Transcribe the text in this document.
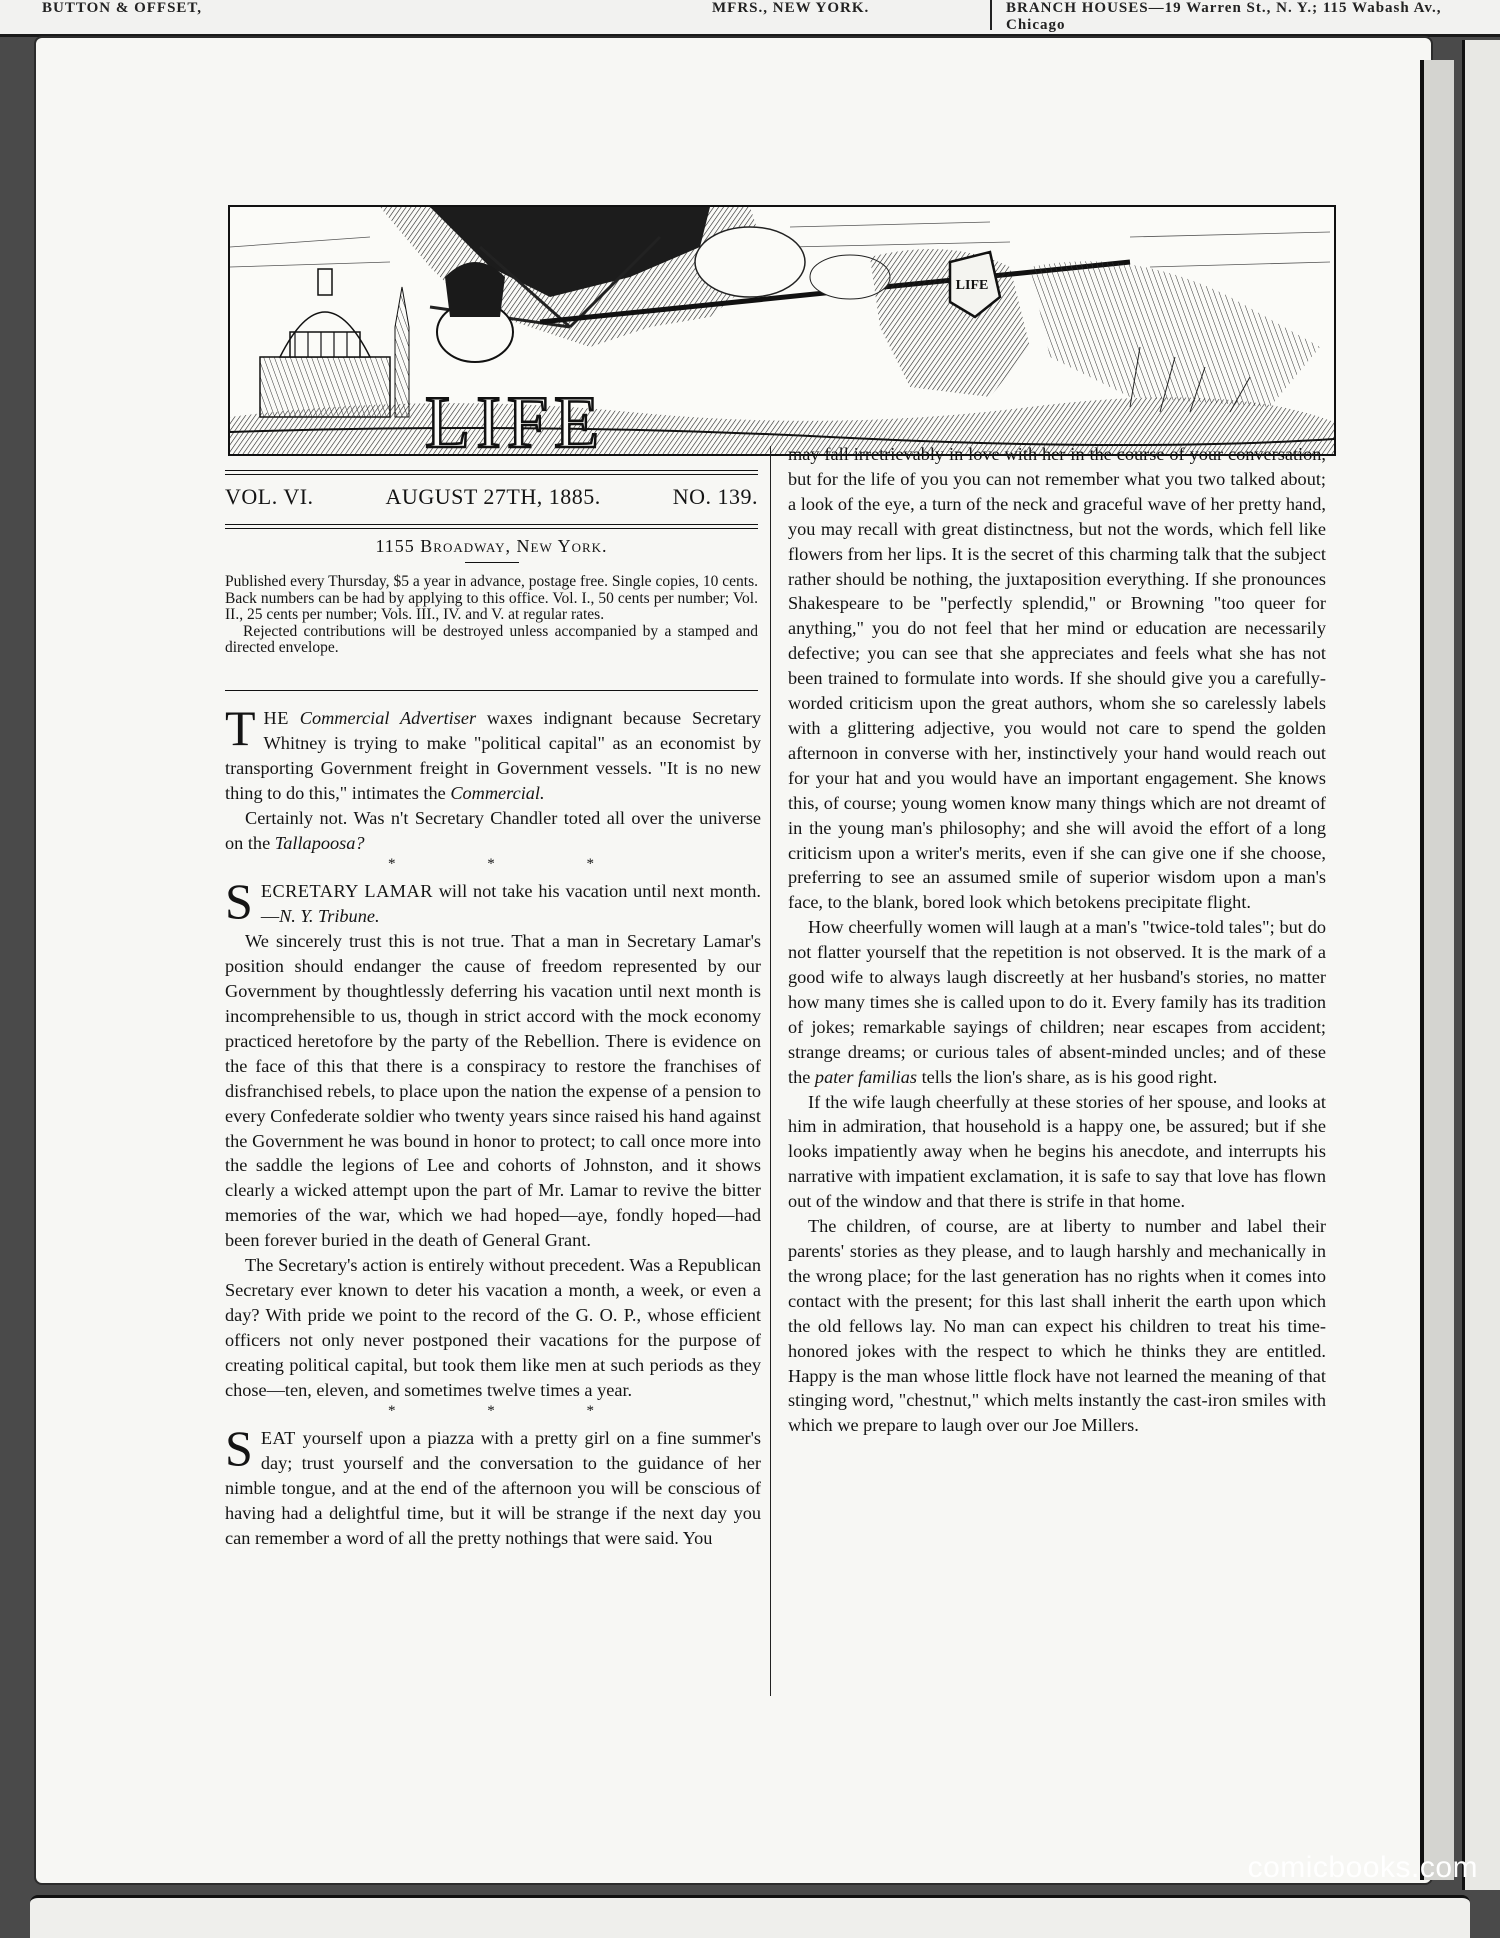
BUTTON & OFFSET,	MFRS., NEW YORK.	BRANCH HOUSES—19 Warren St., N. Y.; 115 Wabash Av., Chicago
LIFE
LIFE
VOL. VI.	AUGUST 27TH, 1885.	NO. 139.
1155 Broadway, New York.

Published every Thursday, $5 a year in advance, postage free. Single copies, 10 cents. Back numbers can be had by applying to this office. Vol. I., 50 cents per number; Vol. II., 25 cents per number; Vols. III., IV. and V. at regular rates.

Rejected contributions will be destroyed unless accompanied by a stamped and directed envelope.

THE Commercial Advertiser waxes indignant because Secretary Whitney is trying to make "political capital" as an economist by transporting Government freight in Government vessels. "It is no new thing to do this," intimates the Commercial.

Certainly not. Was n't Secretary Chandler toted all over the universe on the Tallapoosa?

* * *

SECRETARY LAMAR will not take his vacation until next month.—N. Y. Tribune.

We sincerely trust this is not true. That a man in Secretary Lamar's position should endanger the cause of freedom represented by our Government by thoughtlessly deferring his vacation until next month is incomprehensible to us, though in strict accord with the mock economy practiced heretofore by the party of the Rebellion. There is evidence on the face of this that there is a conspiracy to restore the franchises of disfranchised rebels, to place upon the nation the expense of a pension to every Confederate soldier who twenty years since raised his hand against the Government he was bound in honor to protect; to call once more into the saddle the legions of Lee and cohorts of Johnston, and it shows clearly a wicked attempt upon the part of Mr. Lamar to revive the bitter memories of the war, which we had hoped—aye, fondly hoped—had been forever buried in the death of General Grant.

The Secretary's action is entirely without precedent. Was a Republican Secretary ever known to deter his vacation a month, a week, or even a day? With pride we point to the record of the G. O. P., whose efficient officers not only never postponed their vacations for the purpose of creating political capital, but took them like men at such periods as they chose—ten, eleven, and sometimes twelve times a year.

* * *

SEAT yourself upon a piazza with a pretty girl on a fine summer's day; trust yourself and the conversation to the guidance of her nimble tongue, and at the end of the afternoon you will be conscious of having had a delightful time, but it will be strange if the next day you can remember a word of all the pretty nothings that were said. You

may fall irretrievably in love with her in the course of your conversation, but for the life of you you can not remember what you two talked about; a look of the eye, a turn of the neck and graceful wave of her pretty hand, you may recall with great distinctness, but not the words, which fell like flowers from her lips. It is the secret of this charming talk that the subject rather should be nothing, the juxtaposition everything. If she pronounces Shakespeare to be "perfectly splendid," or Browning "too queer for anything," you do not feel that her mind or education are necessarily defective; you can see that she appreciates and feels what she has not been trained to formulate into words. If she should give you a carefully-worded criticism upon the great authors, whom she so carelessly labels with a glittering adjective, you would not care to spend the golden afternoon in converse with her, instinctively your hand would reach out for your hat and you would have an important engagement. She knows this, of course; young women know many things which are not dreamt of in the young man's philosophy; and she will avoid the effort of a long criticism upon a writer's merits, even if she can give one if she choose, preferring to see an assumed smile of superior wisdom upon a man's face, to the blank, bored look which betokens precipitate flight.

How cheerfully women will laugh at a man's "twice-told tales"; but do not flatter yourself that the repetition is not observed. It is the mark of a good wife to always laugh discreetly at her husband's stories, no matter how many times she is called upon to do it. Every family has its tradition of jokes; remarkable sayings of children; near escapes from accident; strange dreams; or curious tales of absent-minded uncles; and of these the pater familias tells the lion's share, as is his good right.

If the wife laugh cheerfully at these stories of her spouse, and looks at him in admiration, that household is a happy one, be assured; but if she looks impatiently away when he begins his anecdote, and interrupts his narrative with impatient exclamation, it is safe to say that love has flown out of the window and that there is strife in that home.

The children, of course, are at liberty to number and label their parents' stories as they please, and to laugh harshly and mechanically in the wrong place; for the last generation has no rights when it comes into contact with the present; for this last shall inherit the earth upon which the old fellows lay. No man can expect his children to treat his time-honored jokes with the respect to which he thinks they are entitled. Happy is the man whose little flock have not learned the meaning of that stinging word, "chestnut," which melts instantly the cast-iron smiles with which we prepare to laugh over our Joe Millers.

comicbooks.com
